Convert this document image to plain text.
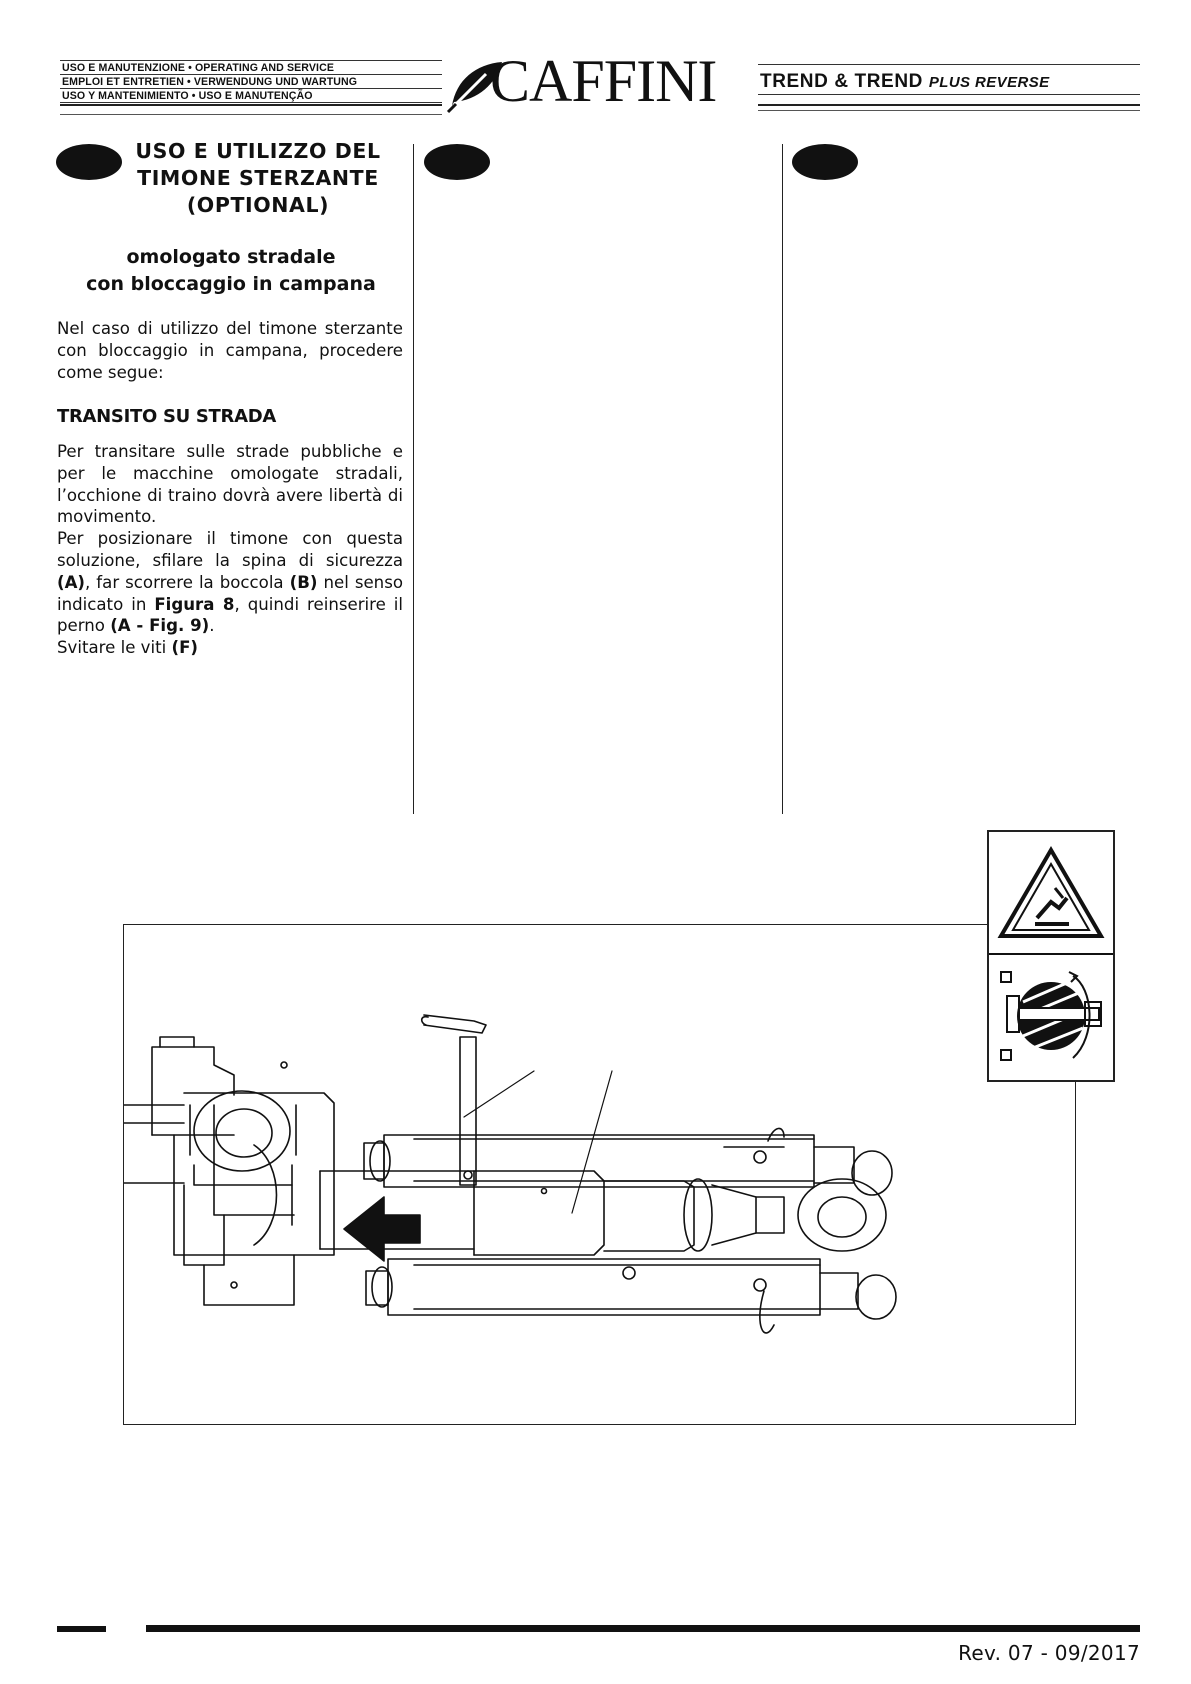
USO E MANUTENZIONE • OPERATING AND SERVICE
EMPLOI ET ENTRETIEN • VERWENDUNG UND WARTUNG
USO Y MANTENIMIENTO • USO E MANUTENÇÃO	CAFFINI TREND & TREND PLUS REVERSE
USO E UTILIZZO DEL TIMONE STERZANTE (OPTIONAL)
omologato stradale
con bloccaggio in campana
Nel caso di utilizzo del timone sterzante con bloccaggio in campana, procedere come segue:
TRANSITO SU STRADA
Per transitare sulle strade pubbliche e per le macchine omologate stradali, l’occhione di traino dovrà avere libertà di movimento.
Per posizionare il timone con questa soluzione, sfilare la spina di sicurezza (A), far scorrere la boccola (B) nel senso indicato in Figura 8, quindi reinserire il perno (A - Fig. 9).
Svitare le viti (F)
Rev. 07 - 09/2017
